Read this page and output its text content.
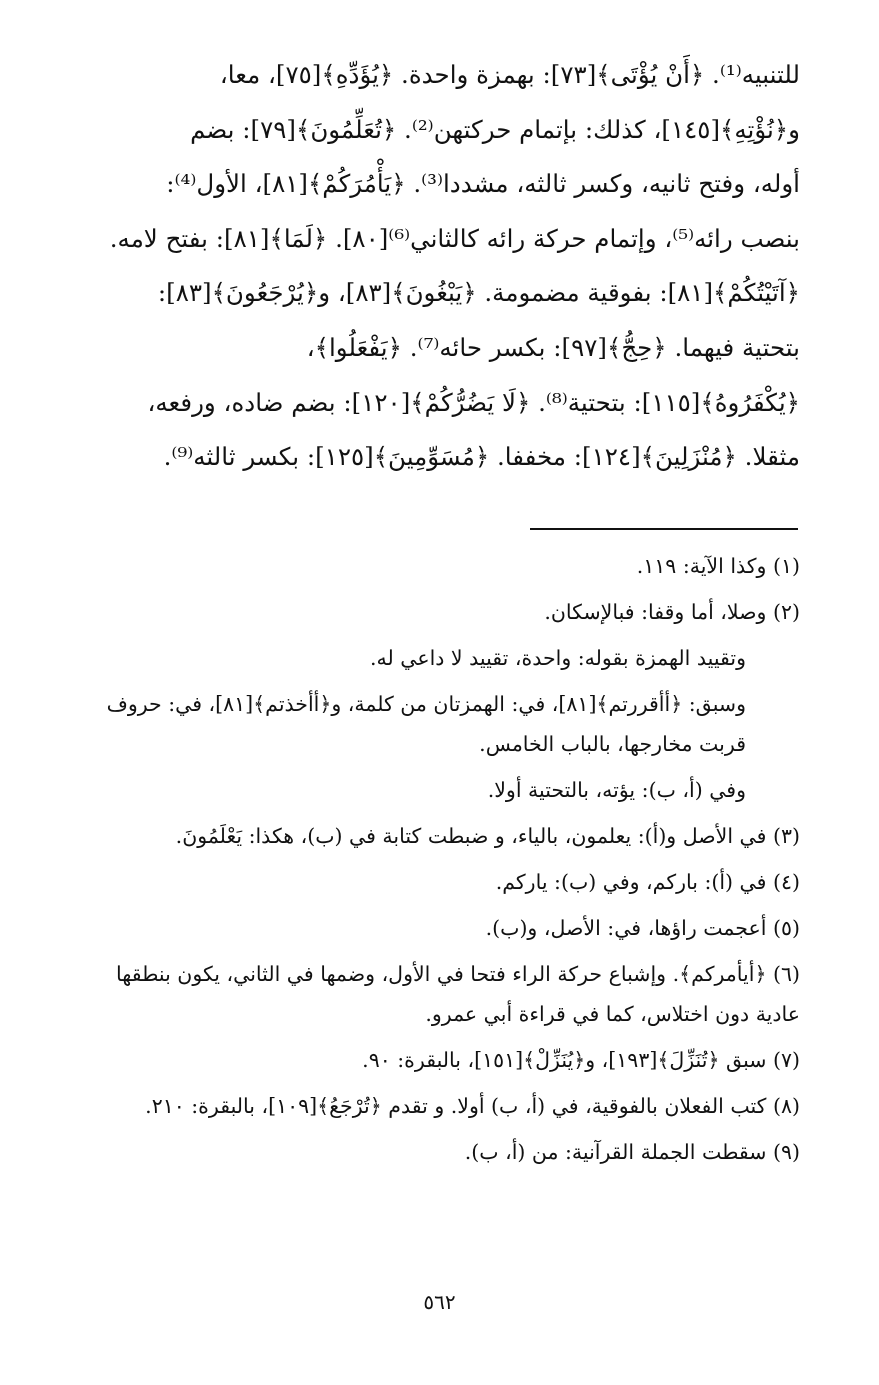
للتنبيه⁽¹⁾. ﴿أَنْ يُؤْتَى﴾[٧٣]: بهمزة واحدة. ﴿يُؤَدِّهِ﴾[٧٥]، معا،

و﴿نُؤْتِهِ﴾[١٤٥]، كذلك: بإتمام حركتهن⁽²⁾. ﴿تُعَلِّمُونَ﴾[٧٩]: بضم

أوله، وفتح ثانيه، وكسر ثالثه، مشددا⁽³⁾. ﴿يَأْمُرَكُمْ﴾[٨١]، الأول⁽⁴⁾:

بنصب رائه⁽⁵⁾، وإتمام حركة رائه كالثاني⁽⁶⁾[٨٠]. ﴿لَمَا﴾[٨١]: بفتح لامه.

﴿آتَيْتُكُمْ﴾[٨١]: بفوقية مضمومة. ﴿يَبْغُونَ﴾[٨٣]، و﴿يُرْجَعُونَ﴾[٨٣]:

بتحتية فيهما. ﴿حِجُّ﴾[٩٧]: بكسر حائه⁽⁷⁾. ﴿يَفْعَلُوا﴾،

﴿يُكْفَرُوهُ﴾[١١٥]: بتحتية⁽⁸⁾. ﴿لَا يَضُرُّكُمْ﴾[١٢٠]: بضم ضاده، ورفعه،

مثقلا. ﴿مُنْزَلِينَ﴾[١٢٤]: مخففا. ﴿مُسَوِّمِينَ﴾[١٢٥]: بكسر ثالثه⁽⁹⁾.

(١) وكذا الآية: ١١٩.

(٢) وصلا، أما وقفا: فبالإسكان.

وتقييد الهمزة بقوله: واحدة، تقييد لا داعي له.

وسبق: ﴿أأقررتم﴾[٨١]، في: الهمزتان من كلمة، و﴿أأخذتم﴾[٨١]، في: حروف قربت مخارجها، بالباب الخامس.

وفي (أ، ب): يؤته، بالتحتية أولا.

(٣) في الأصل و(أ): يعلمون، بالياء، و ضبطت كتابة في (ب)، هكذا: يَعْلَمُونَ.

(٤) في (أ): بارکم، وفي (ب): يارکم.

(٥) أعجمت راؤها، في: الأصل، و(ب).

(٦) ﴿أيأمركم﴾. وإشباع حركة الراء فتحا في الأول، وضمها في الثاني، يكون بنطقها عادية دون اختلاس، كما في قراءة أبي عمرو.

(٧) سبق ﴿تُنَزِّلَ﴾[١٩٣]، و﴿يُنَزِّلْ﴾[١٥١]، بالبقرة: ٩٠.

(٨) كتب الفعلان بالفوقية، في (أ، ب) أولا. و تقدم ﴿تُرْجَعُ﴾[١٠٩]، بالبقرة: ٢١٠.

(٩) سقطت الجملة القرآنية: من (أ، ب).

٥٦٢
